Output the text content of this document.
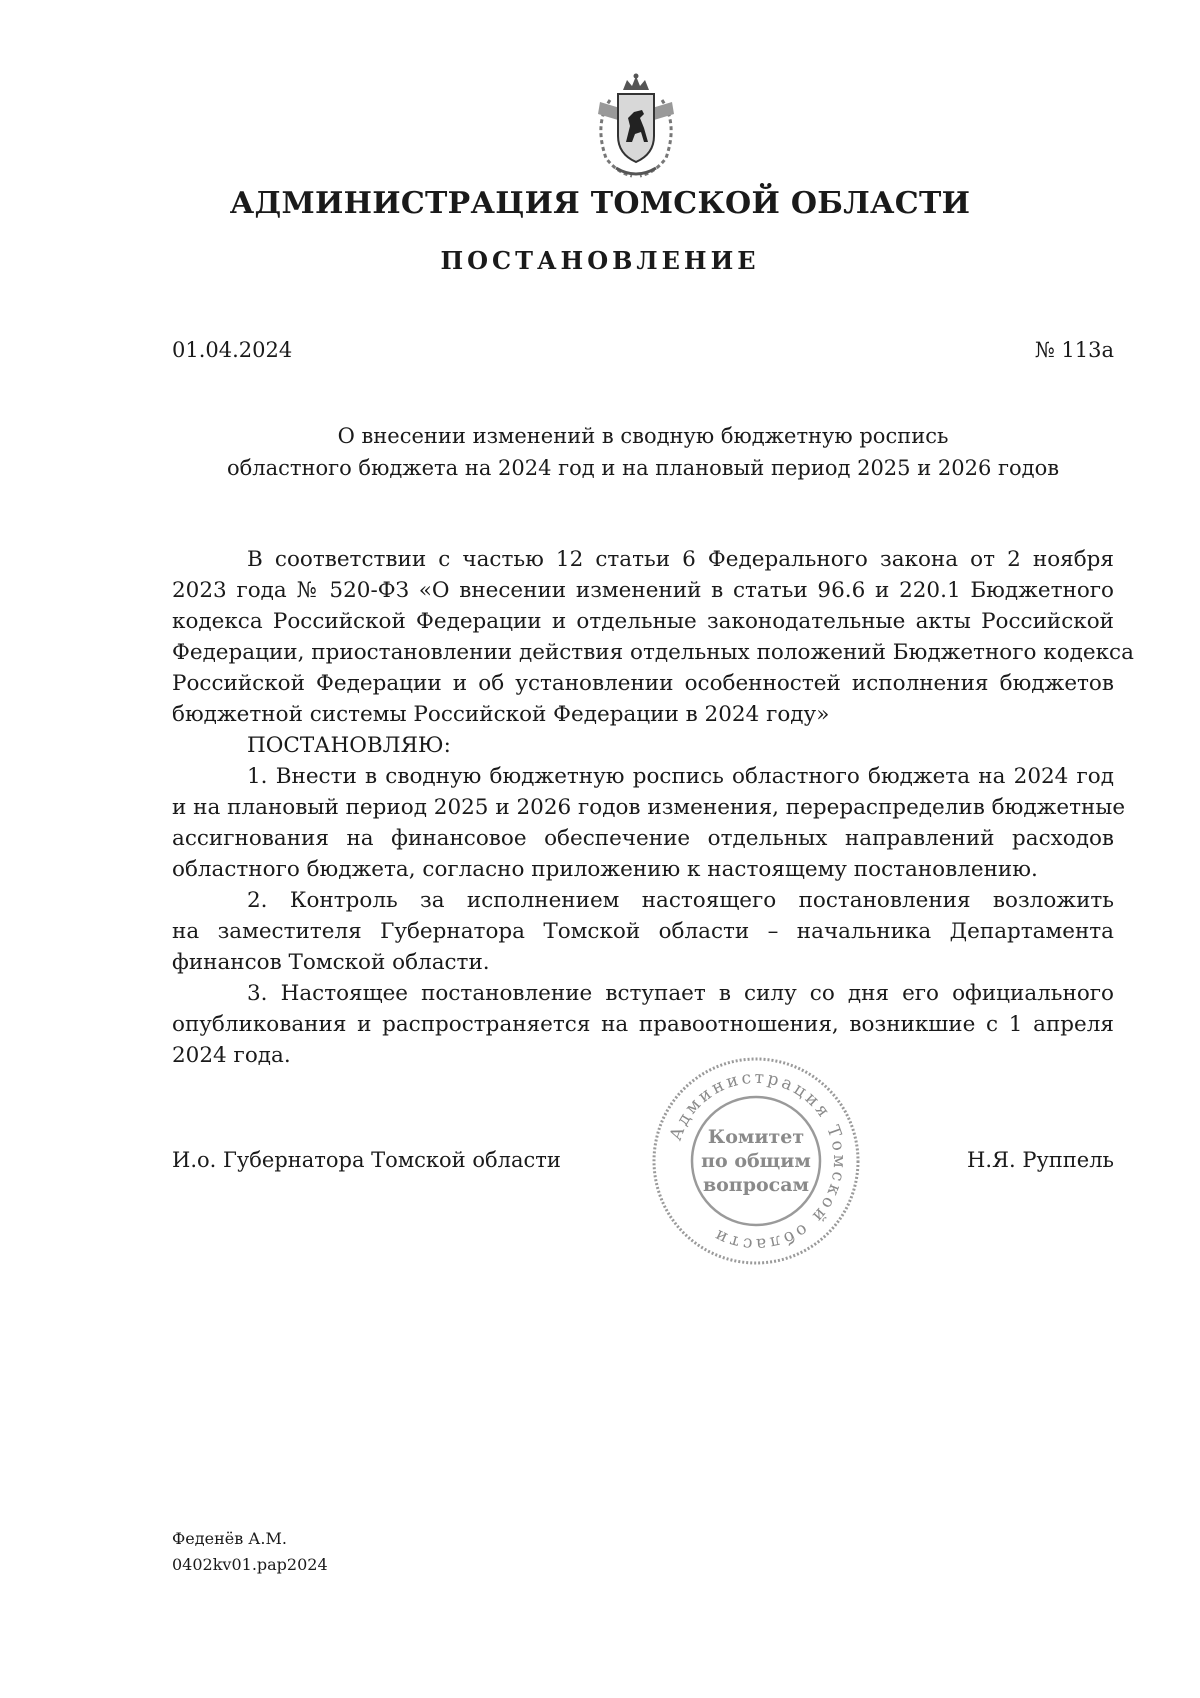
АДМИНИСТРАЦИЯ ТОМСКОЙ ОБЛАСТИ
ПОСТАНОВЛЕНИЕ
01.04.2024	№ 113а
О внесении изменений в сводную бюджетную роспись
областного бюджета на 2024 год и на плановый период 2025 и 2026 годов
В соответствии с частью 12 статьи 6 Федерального закона от 2 ноября
2023 года № 520-ФЗ «О внесении изменений в статьи 96.6 и 220.1 Бюджетного
кодекса Российской Федерации и отдельные законодательные акты Российской
Федерации, приостановлении действия отдельных положений Бюджетного кодекса
Российской Федерации и об установлении особенностей исполнения бюджетов
бюджетной системы Российской Федерации в 2024 году»
ПОСТАНОВЛЯЮ:
1. Внести в сводную бюджетную роспись областного бюджета на 2024 год
и на плановый период 2025 и 2026 годов изменения, перераспределив бюджетные
ассигнования на финансовое обеспечение отдельных направлений расходов
областного бюджета, согласно приложению к настоящему постановлению.
2. Контроль за исполнением настоящего постановления возложить
на заместителя Губернатора Томской области – начальника Департамента
финансов Томской области.
3. Настоящее постановление вступает в силу со дня его официального
опубликования и распространяется на правоотношения, возникшие с 1 апреля
2024 года.
И.о. Губернатора Томской области	Н.Я. Руппель
Администрация Томской области
Комитет
по общим
вопросам
Феденёв А.М.
0402kv01.pap2024
